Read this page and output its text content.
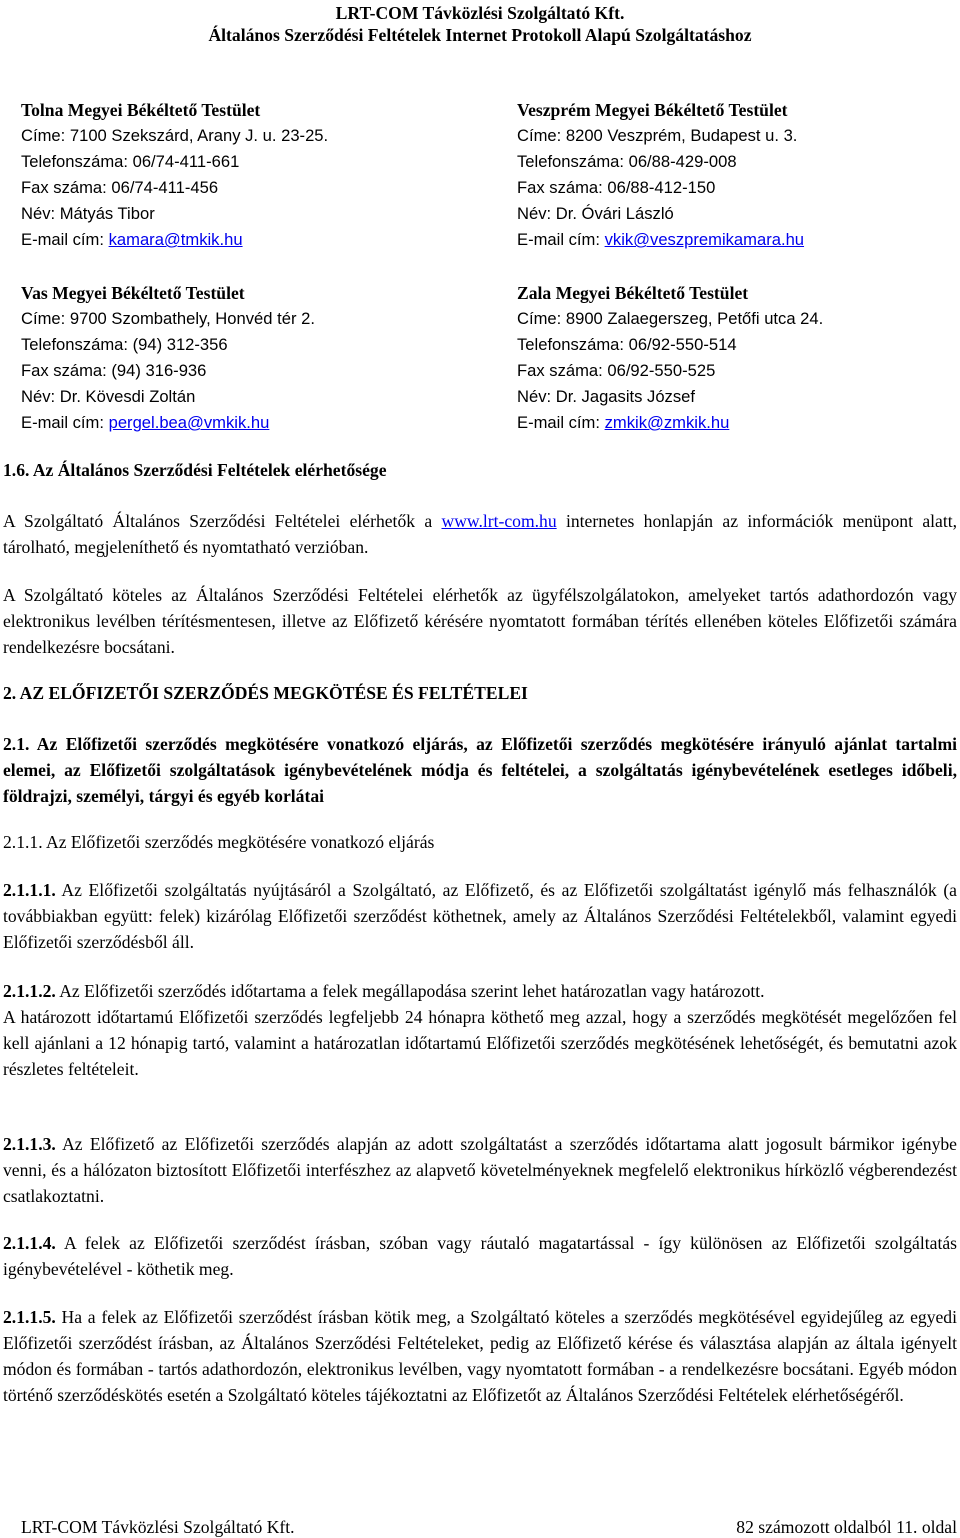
LRT-COM Távközlési Szolgáltató Kft.
Általános Szerződési Feltételek Internet Protokoll Alapú Szolgáltatáshoz
Tolna Megyei Békéltető Testület
Címe: 7100 Szekszárd, Arany J. u. 23-25.
Telefonszáma: 06/74-411-661
Fax száma: 06/74-411-456
Név: Mátyás Tibor
E-mail cím: kamara@tmkik.hu
Veszprém Megyei Békéltető Testület
Címe: 8200 Veszprém, Budapest u. 3.
Telefonszáma: 06/88-429-008
Fax száma: 06/88-412-150
Név: Dr. Óvári László
E-mail cím: vkik@veszpremikamara.hu
Vas Megyei Békéltető Testület
Címe: 9700 Szombathely, Honvéd tér 2.
Telefonszáma: (94) 312-356
Fax száma: (94) 316-936
Név: Dr. Kövesdi Zoltán
E-mail cím: pergel.bea@vmkik.hu
Zala Megyei Békéltető Testület
Címe: 8900 Zalaegerszeg, Petőfi utca 24.
Telefonszáma: 06/92-550-514
Fax száma: 06/92-550-525
Név: Dr. Jagasits József
E-mail cím: zmkik@zmkik.hu
1.6. Az Általános Szerződési Feltételek elérhetősége

A Szolgáltató Általános Szerződési Feltételei elérhetők a www.lrt-com.hu internetes honlapján az információk menüpont alatt, tárolható, megjeleníthető és nyomtatható verzióban.

A Szolgáltató köteles az Általános Szerződési Feltételei elérhetők az ügyfélszolgálatokon, amelyeket tartós adathordozón vagy elektronikus levélben térítésmentesen, illetve az Előfizető kérésére nyomtatott formában térítés ellenében köteles Előfizetői számára rendelkezésre bocsátani.

2. AZ ELŐFIZETŐI SZERZŐDÉS MEGKÖTÉSE ÉS FELTÉTELEI
2.1. Az Előfizetői szerződés megkötésére vonatkozó eljárás, az Előfizetői szerződés megkötésére irányuló ajánlat tartalmi elemei, az Előfizetői szolgáltatások igénybevételének módja és feltételei, a szolgáltatás igénybevételének esetleges időbeli, földrajzi, személyi, tárgyi és egyéb korlátai
2.1.1. Az Előfizetői szerződés megkötésére vonatkozó eljárás

2.1.1.1. Az Előfizetői szolgáltatás nyújtásáról a Szolgáltató, az Előfizető, és az Előfizetői szolgáltatást igénylő más felhasználók (a továbbiakban együtt: felek) kizárólag Előfizetői szerződést köthetnek, amely az Általános Szerződési Feltételekből, valamint egyedi Előfizetői szerződésből áll.

2.1.1.2. Az Előfizetői szerződés időtartama a felek megállapodása szerint lehet határozatlan vagy határozott.

A határozott időtartamú Előfizetői szerződés legfeljebb 24 hónapra köthető meg azzal, hogy a szerződés megkötését megelőzően fel kell ajánlani a 12 hónapig tartó, valamint a határozatlan időtartamú Előfizetői szerződés megkötésének lehetőségét, és bemutatni azok részletes feltételeit.

2.1.1.3. Az Előfizető az Előfizetői szerződés alapján az adott szolgáltatást a szerződés időtartama alatt jogosult bármikor igénybe venni, és a hálózaton biztosított Előfizetői interfészhez az alapvető követelményeknek megfelelő elektronikus hírközlő végberendezést csatlakoztatni.

2.1.1.4. A felek az Előfizetői szerződést írásban, szóban vagy ráutaló magatartással - így különösen az Előfizetői szolgáltatás igénybevételével - köthetik meg.

2.1.1.5. Ha a felek az Előfizetői szerződést írásban kötik meg, a Szolgáltató köteles a szerződés megkötésével egyidejűleg az egyedi Előfizetői szerződést írásban, az Általános Szerződési Feltételeket, pedig az Előfizető kérése és választása alapján az általa igényelt módon és formában - tartós adathordozón, elektronikus levélben, vagy nyomtatott formában - a rendelkezésre bocsátani. Egyéb módon történő szerződéskötés esetén a Szolgáltató köteles tájékoztatni az Előfizetőt az Általános Szerződési Feltételek elérhetőségéről.

LRT-COM Távközlési Szolgáltató Kft.	82 számozott oldalból 11. oldal
